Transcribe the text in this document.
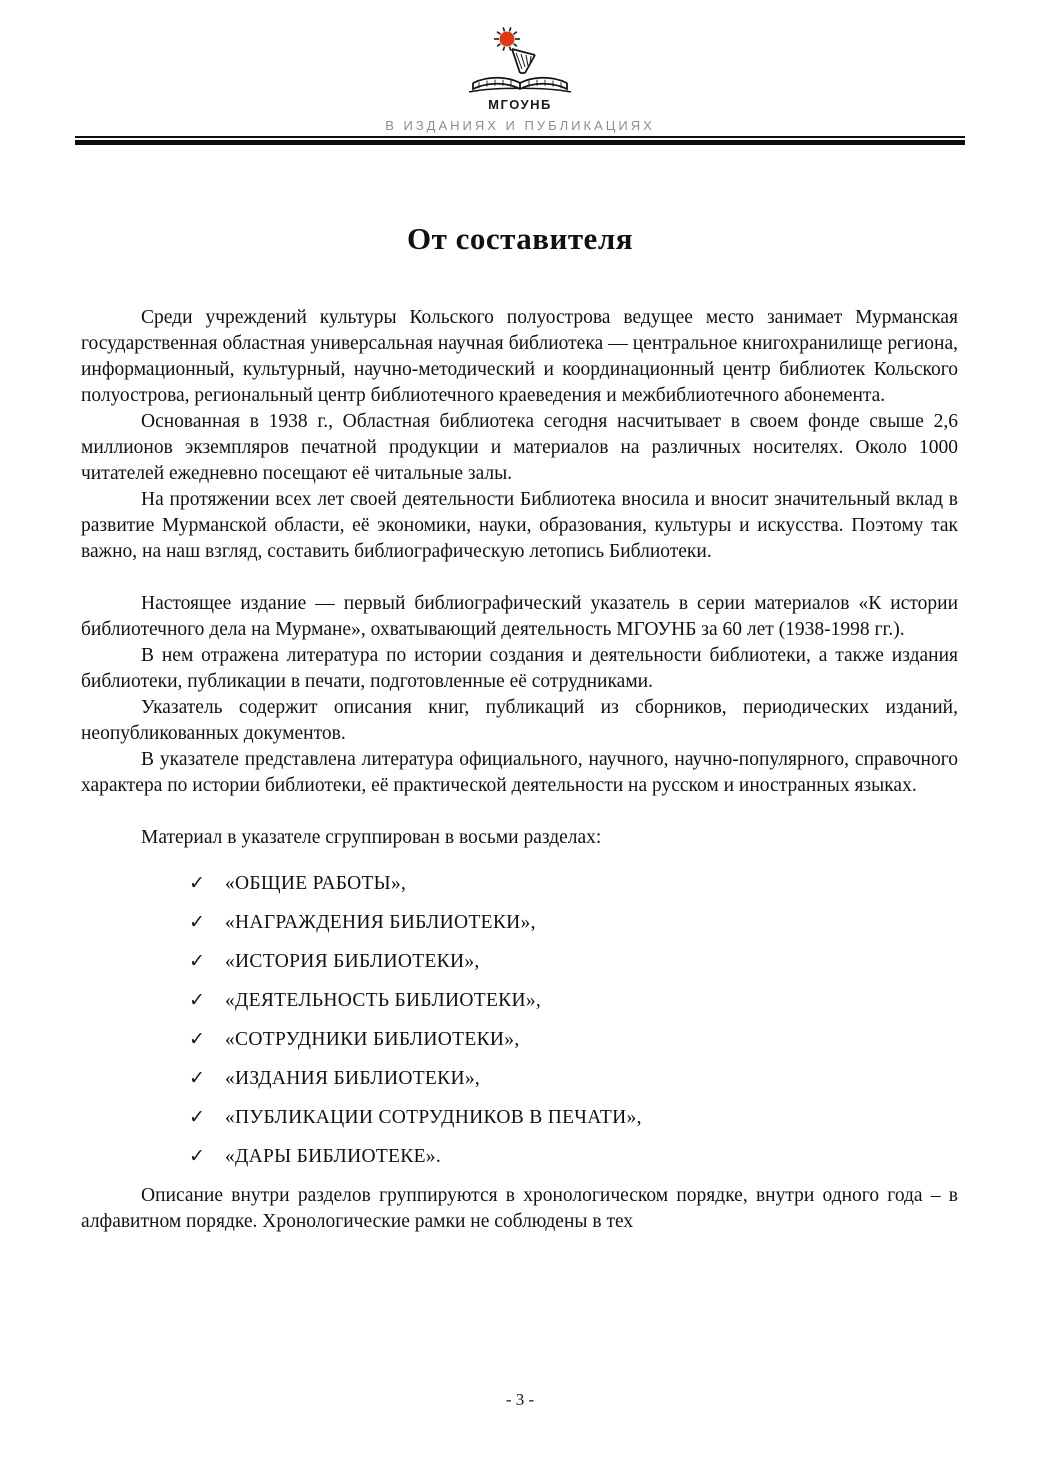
МГОУНБ
В ИЗДАНИЯХ И ПУБЛИКАЦИЯХ
От составителя

Среди учреждений культуры Кольского полуострова ведущее место занимает Мурманская государственная областная универсальная научная библиотека — центральное книгохранилище региона, информационный, культурный, научно-методический и координационный центр библиотек Кольского полуострова, региональный центр библиотечного краеведения и межбиблиотечного абонемента.

Основанная в 1938 г., Областная библиотека сегодня насчитывает в своем фонде свыше 2,6 миллионов экземпляров печатной продукции и материалов на различных носителях. Около 1000 читателей ежедневно посещают её читальные залы.

На протяжении всех лет своей деятельности Библиотека вносила и вносит значительный вклад в развитие Мурманской области, её экономики, науки, образования, культуры и искусства. Поэтому так важно, на наш взгляд, составить библиографическую летопись Библиотеки.

Настоящее издание — первый библиографический указатель в серии материалов «К истории библиотечного дела на Мурмане», охватывающий деятельность МГОУНБ за 60 лет (1938-1998 гг.).

В нем отражена литература по истории создания и деятельности библиотеки, а также издания библиотеки, публикации в печати, подготовленные её сотрудниками.

Указатель содержит описания книг, публикаций из сборников, периодических изданий, неопубликованных документов.

В указателе представлена литература официального, научного, научно-популярного, справочного характера по истории библиотеки, её практической деятельности на русском и иностранных языках.

Материал в указателе сгруппирован в восьми разделах:

✓ «ОБЩИЕ РАБОТЫ»,
✓ «НАГРАЖДЕНИЯ БИБЛИОТЕКИ»,
✓ «ИСТОРИЯ БИБЛИОТЕКИ»,
✓ «ДЕЯТЕЛЬНОСТЬ БИБЛИОТЕКИ»,
✓ «СОТРУДНИКИ БИБЛИОТЕКИ»,
✓ «ИЗДАНИЯ БИБЛИОТЕКИ»,
✓ «ПУБЛИКАЦИИ СОТРУДНИКОВ В ПЕЧАТИ»,
✓ «ДАРЫ БИБЛИОТЕКЕ».

Описание внутри разделов группируются в хронологическом порядке, внутри одного года – в алфавитном порядке. Хронологические рамки не соблюдены в тех

- 3 -
